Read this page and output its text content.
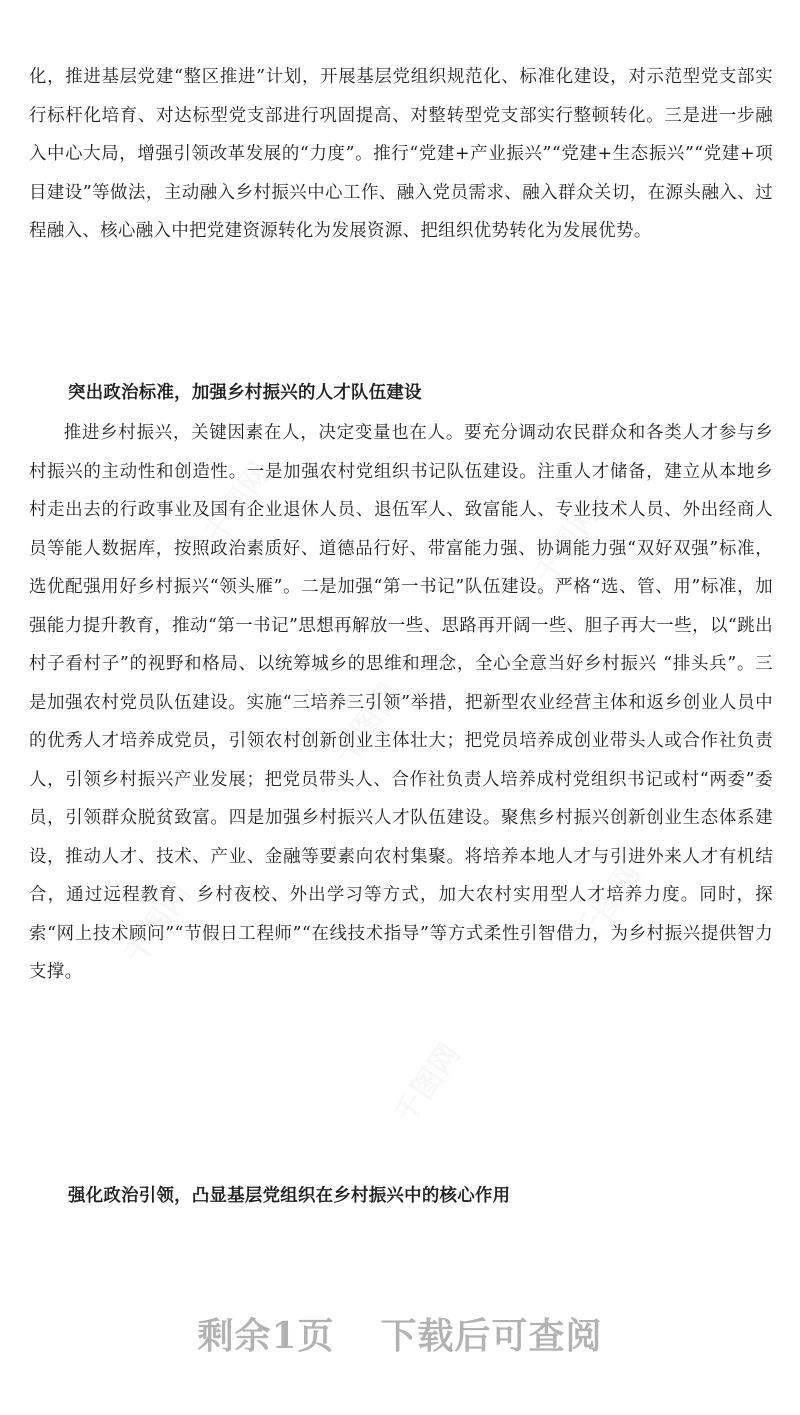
千图网	千图网
千图网
千图网	千图网
千图网

化，推进基层党建“整区推进”计划，开展基层党组织规范化、标准化建设，对示范型党支部实行标杆化培育、对达标型党支部进行巩固提高、对整转型党支部实行整顿转化。三是进一步融入中心大局，增强引领改革发展的“力度”。推行“党建+产业振兴”“党建+生态振兴”“党建+项目建设”等做法，主动融入乡村振兴中心工作、融入党员需求、融入群众关切，在源头融入、过程融入、核心融入中把党建资源转化为发展资源、把组织优势转化为发展优势。

突出政治标准，加强乡村振兴的人才队伍建设

推进乡村振兴，关键因素在人，决定变量也在人。要充分调动农民群众和各类人才参与乡村振兴的主动性和创造性。一是加强农村党组织书记队伍建设。注重人才储备，建立从本地乡村走出去的行政事业及国有企业退休人员、退伍军人、致富能人、专业技术人员、外出经商人员等能人数据库，按照政治素质好、道德品行好、带富能力强、协调能力强“双好双强”标准，选优配强用好乡村振兴“领头雁”。二是加强“第一书记”队伍建设。严格“选、管、用”标准，加强能力提升教育，推动“第一书记”思想再解放一些、思路再开阔一些、胆子再大一些，以“跳出村子看村子”的视野和格局、以统筹城乡的思维和理念，全心全意当好乡村振兴 “排头兵”。三是加强农村党员队伍建设。实施“三培养三引领”举措，把新型农业经营主体和返乡创业人员中的优秀人才培养成党员，引领农村创新创业主体壮大；把党员培养成创业带头人或合作社负责人，引领乡村振兴产业发展；把党员带头人、合作社负责人培养成村党组织书记或村“两委”委员，引领群众脱贫致富。四是加强乡村振兴人才队伍建设。聚焦乡村振兴创新创业生态体系建设，推动人才、技术、产业、金融等要素向农村集聚。将培养本地人才与引进外来人才有机结合，通过远程教育、乡村夜校、外出学习等方式，加大农村实用型人才培养力度。同时，探索“网上技术顾问”“节假日工程师”“在线技术指导”等方式柔性引智借力，为乡村振兴提供智力支撑。

强化政治引领，凸显基层党组织在乡村振兴中的核心作用
剩余1页 下载后可查阅
